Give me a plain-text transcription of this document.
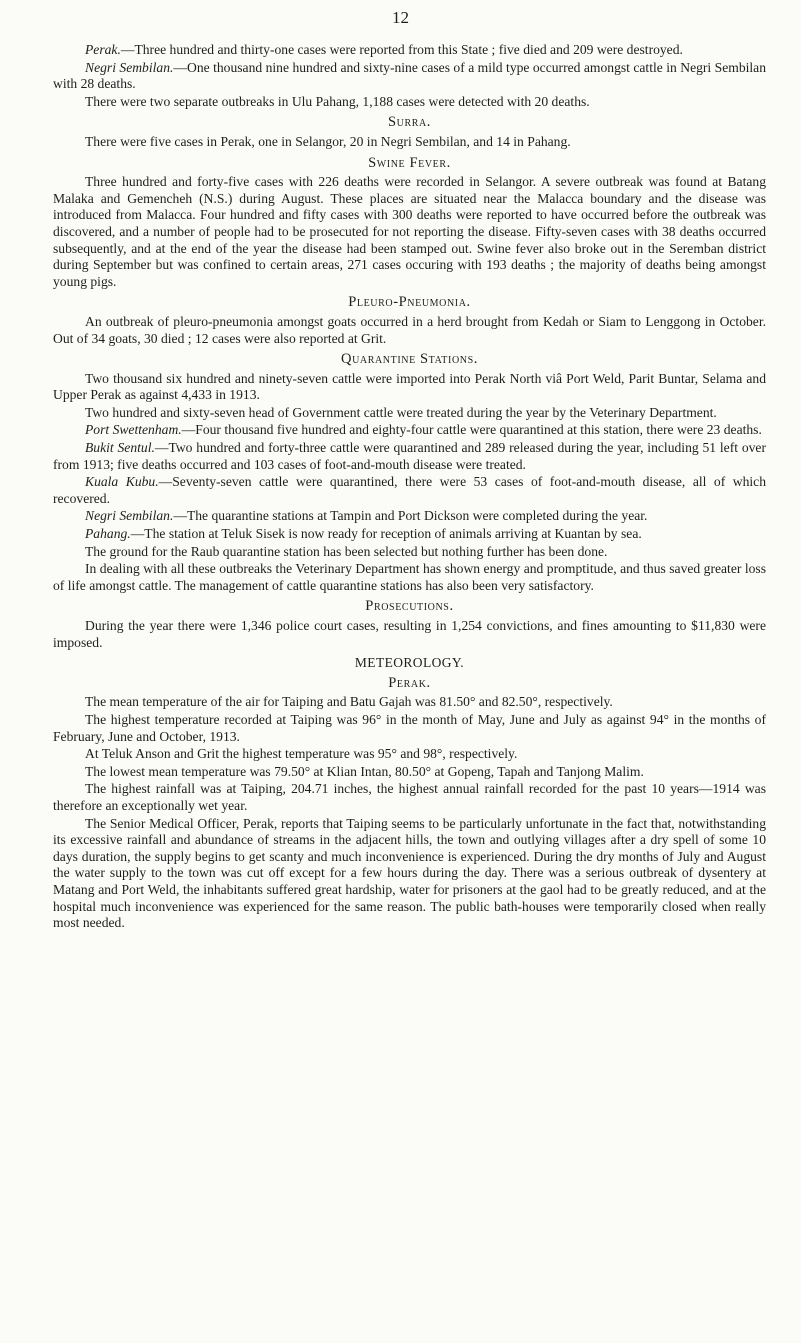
12

Perak.—Three hundred and thirty-one cases were reported from this State ; five died and 209 were destroyed.

Negri Sembilan.—One thousand nine hundred and sixty-nine cases of a mild type occurred amongst cattle in Negri Sembilan with 28 deaths.

There were two separate outbreaks in Ulu Pahang, 1,188 cases were detected with 20 deaths.

Surra.

There were five cases in Perak, one in Selangor, 20 in Negri Sembilan, and 14 in Pahang.

Swine Fever.

Three hundred and forty-five cases with 226 deaths were recorded in Selangor. A severe outbreak was found at Batang Malaka and Gemencheh (N.S.) during August. These places are situated near the Malacca boundary and the disease was introduced from Malacca. Four hundred and fifty cases with 300 deaths were reported to have occurred before the outbreak was discovered, and a number of people had to be prosecuted for not reporting the disease. Fifty-seven cases with 38 deaths occurred subsequently, and at the end of the year the disease had been stamped out. Swine fever also broke out in the Seremban district during September but was confined to certain areas, 271 cases occuring with 193 deaths ; the majority of deaths being amongst young pigs.

Pleuro-Pneumonia.

An outbreak of pleuro-pneumonia amongst goats occurred in a herd brought from Kedah or Siam to Lenggong in October. Out of 34 goats, 30 died ; 12 cases were also reported at Grit.

Quarantine Stations.

Two thousand six hundred and ninety-seven cattle were imported into Perak North viâ Port Weld, Parit Buntar, Selama and Upper Perak as against 4,433 in 1913.

Two hundred and sixty-seven head of Government cattle were treated during the year by the Veterinary Department.

Port Swettenham.—Four thousand five hundred and eighty-four cattle were quarantined at this station, there were 23 deaths.

Bukit Sentul.—Two hundred and forty-three cattle were quarantined and 289 released during the year, including 51 left over from 1913; five deaths occurred and 103 cases of foot-and-mouth disease were treated.

Kuala Kubu.—Seventy-seven cattle were quarantined, there were 53 cases of foot-and-mouth disease, all of which recovered.

Negri Sembilan.—The quarantine stations at Tampin and Port Dickson were completed during the year.

Pahang.—The station at Teluk Sisek is now ready for reception of animals arriving at Kuantan by sea.

The ground for the Raub quarantine station has been selected but nothing further has been done.

In dealing with all these outbreaks the Veterinary Department has shown energy and promptitude, and thus saved greater loss of life amongst cattle. The management of cattle quarantine stations has also been very satisfactory.

Prosecutions.

During the year there were 1,346 police court cases, resulting in 1,254 convictions, and fines amounting to $11,830 were imposed.

METEOROLOGY.
Perak.

The mean temperature of the air for Taiping and Batu Gajah was 81.50° and 82.50°, respectively.

The highest temperature recorded at Taiping was 96° in the month of May, June and July as against 94° in the months of February, June and October, 1913.

At Teluk Anson and Grit the highest temperature was 95° and 98°, respectively.

The lowest mean temperature was 79.50° at Klian Intan, 80.50° at Gopeng, Tapah and Tanjong Malim.

The highest rainfall was at Taiping, 204.71 inches, the highest annual rainfall recorded for the past 10 years—1914 was therefore an exceptionally wet year.

The Senior Medical Officer, Perak, reports that Taiping seems to be particularly unfortunate in the fact that, notwithstanding its excessive rainfall and abundance of streams in the adjacent hills, the town and outlying villages after a dry spell of some 10 days duration, the supply begins to get scanty and much inconvenience is experienced. During the dry months of July and August the water supply to the town was cut off except for a few hours during the day. There was a serious outbreak of dysentery at Matang and Port Weld, the inhabitants suffered great hardship, water for prisoners at the gaol had to be greatly reduced, and at the hospital much inconvenience was experienced for the same reason. The public bath-houses were temporarily closed when really most needed.
